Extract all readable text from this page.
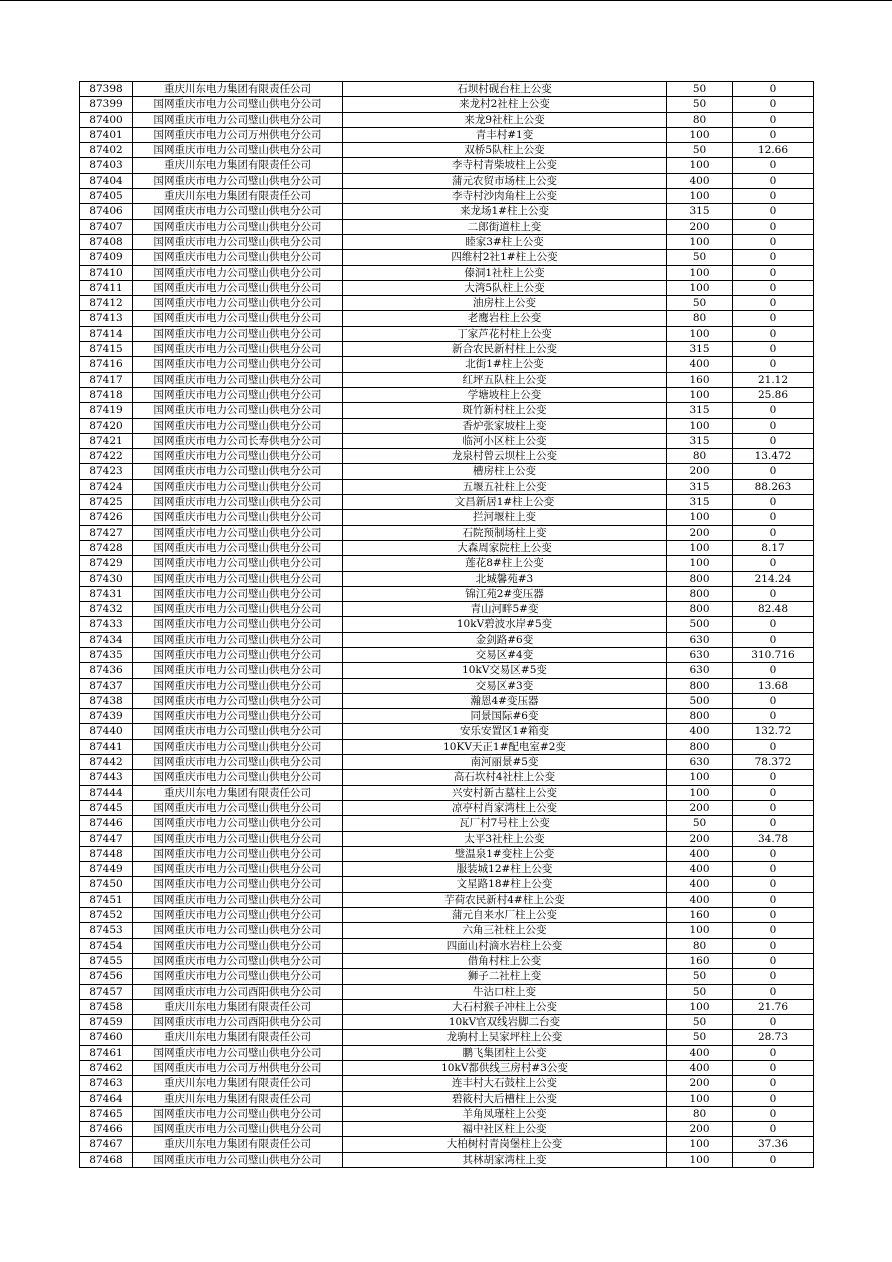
87398	重庆川东电力集团有限责任公司	石坝村砚台柱上公变	50	0
87399	国网重庆市电力公司璧山供电分公司	来龙村2社柱上公变	50	0
87400	国网重庆市电力公司璧山供电分公司	来龙9社柱上公变	80	0
87401	国网重庆市电力公司万州供电分公司	青丰村#1变	100	0
87402	国网重庆市电力公司璧山供电分公司	双桥5队柱上公变	50	12.66
87403	重庆川东电力集团有限责任公司	李寺村青柴坡柱上公变	100	0
87404	国网重庆市电力公司璧山供电分公司	蒲元农贸市场柱上公变	400	0
87405	重庆川东电力集团有限责任公司	李寺村沙肉角柱上公变	100	0
87406	国网重庆市电力公司璧山供电分公司	来龙场1#柱上公变	315	0
87407	国网重庆市电力公司璧山供电分公司	二郎街道柱上变	200	0
87408	国网重庆市电力公司璧山供电分公司	睦家3#柱上公变	100	0
87409	国网重庆市电力公司璧山供电分公司	四维村2社1#柱上公变	50	0
87410	国网重庆市电力公司璧山供电分公司	傣洞1社柱上公变	100	0
87411	国网重庆市电力公司璧山供电分公司	大湾5队柱上公变	100	0
87412	国网重庆市电力公司璧山供电分公司	油房柱上公变	50	0
87413	国网重庆市电力公司璧山供电分公司	老鹰岩柱上公变	80	0
87414	国网重庆市电力公司璧山供电分公司	丁家芦花村柱上公变	100	0
87415	国网重庆市电力公司璧山供电分公司	新合农民新村柱上公变	315	0
87416	国网重庆市电力公司璧山供电分公司	北街1#柱上公变	400	0
87417	国网重庆市电力公司璧山供电分公司	红坪五队柱上公变	160	21.12
87418	国网重庆市电力公司璧山供电分公司	学塘坡柱上公变	100	25.86
87419	国网重庆市电力公司璧山供电分公司	斑竹新村柱上公变	315	0
87420	国网重庆市电力公司璧山供电分公司	香炉张家坡柱上变	100	0
87421	国网重庆市电力公司长寿供电分公司	临河小区柱上公变	315	0
87422	国网重庆市电力公司璧山供电分公司	龙泉村曾云坝柱上公变	80	13.472
87423	国网重庆市电力公司璧山供电分公司	槽房柱上公变	200	0
87424	国网重庆市电力公司璧山供电分公司	五堰五社柱上公变	315	88.263
87425	国网重庆市电力公司璧山供电分公司	文昌新居1#柱上公变	315	0
87426	国网重庆市电力公司璧山供电分公司	拦河堰柱上变	100	0
87427	国网重庆市电力公司璧山供电分公司	石院预制场柱上变	200	0
87428	国网重庆市电力公司璧山供电分公司	大森周家院柱上公变	100	8.17
87429	国网重庆市电力公司璧山供电分公司	莲花8#柱上公变	100	0
87430	国网重庆市电力公司璧山供电分公司	北城馨苑#3	800	214.24
87431	国网重庆市电力公司璧山供电分公司	锦江苑2#变压器	800	0
87432	国网重庆市电力公司璧山供电分公司	青山河畔5#变	800	82.48
87433	国网重庆市电力公司璧山供电分公司	10kV碧波水岸#5变	500	0
87434	国网重庆市电力公司璧山供电分公司	金剑路#6变	630	0
87435	国网重庆市电力公司璧山供电分公司	交易区#4变	630	310.716
87436	国网重庆市电力公司璧山供电分公司	10kV交易区#5变	630	0
87437	国网重庆市电力公司璧山供电分公司	交易区#3变	800	13.68
87438	国网重庆市电力公司璧山供电分公司	瀚恩4#变压器	500	0
87439	国网重庆市电力公司璧山供电分公司	同景国际#6变	800	0
87440	国网重庆市电力公司璧山供电分公司	安乐安置区1#箱变	400	132.72
87441	国网重庆市电力公司璧山供电分公司	10KV天正1#配电室#2变	800	0
87442	国网重庆市电力公司璧山供电分公司	南河丽景#5变	630	78.372
87443	国网重庆市电力公司璧山供电分公司	高石坎村4社柱上公变	100	0
87444	重庆川东电力集团有限责任公司	兴安村新古墓柱上公变	100	0
87445	国网重庆市电力公司璧山供电分公司	凉亭村肖家湾柱上公变	200	0
87446	国网重庆市电力公司璧山供电分公司	瓦厂村7号柱上公变	50	0
87447	国网重庆市电力公司璧山供电分公司	太平3社柱上公变	200	34.78
87448	国网重庆市电力公司璧山供电分公司	璧温泉1#变柱上公变	400	0
87449	国网重庆市电力公司璧山供电分公司	服装城12#柱上公变	400	0
87450	国网重庆市电力公司璧山供电分公司	文星路18#柱上公变	400	0
87451	国网重庆市电力公司璧山供电分公司	芋荷农民新村4#柱上公变	400	0
87452	国网重庆市电力公司璧山供电分公司	蒲元自来水厂柱上公变	160	0
87453	国网重庆市电力公司璧山供电分公司	六角三社柱上公变	100	0
87454	国网重庆市电力公司璧山供电分公司	四面山村滴水岩柱上公变	80	0
87455	国网重庆市电力公司璧山供电分公司	借角村柱上公变	160	0
87456	国网重庆市电力公司璧山供电分公司	狮子二社柱上变	50	0
87457	国网重庆市电力公司酉阳供电分公司	牛沾口柱上变	50	0
87458	重庆川东电力集团有限责任公司	大石村猴子冲柱上公变	100	21.76
87459	国网重庆市电力公司酉阳供电分公司	10kV官双线岩脚二台变	50	0
87460	重庆川东电力集团有限责任公司	龙驹村上吴家坪柱上公变	50	28.73
87461	国网重庆市电力公司璧山供电分公司	鹏飞集团柱上公变	400	0
87462	国网重庆市电力公司万州供电分公司	10kV都供线三房村#3公变	400	0
87463	重庆川东电力集团有限责任公司	连丰村大石鼓柱上公变	200	0
87464	重庆川东电力集团有限责任公司	碧筱村大后槽柱上公变	100	0
87465	国网重庆市电力公司璧山供电分公司	羊角凤瑾柱上公变	80	0
87466	国网重庆市电力公司璧山供电分公司	福中社区柱上公变	200	0
87467	重庆川东电力集团有限责任公司	大柏树村青岗堡柱上公变	100	37.36
87468	国网重庆市电力公司璧山供电分公司	其林胡家湾柱上变	100	0
